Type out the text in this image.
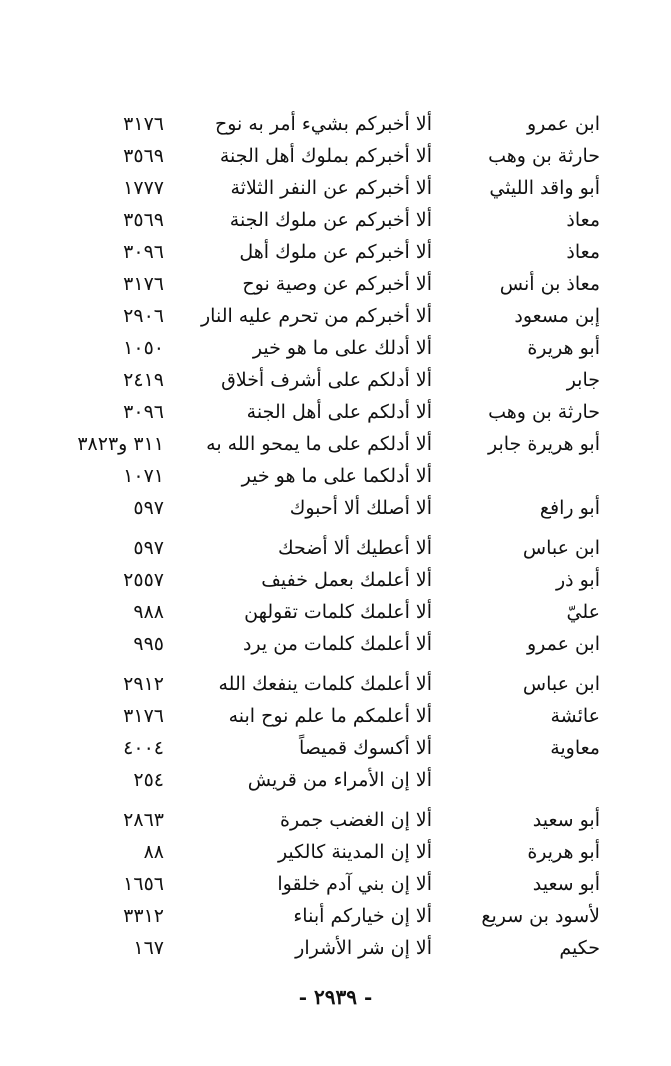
ابن عمرو
ألا أخبركم بشيء أمر به نوح
٣١٧٦
حارثة بن وهب
ألا أخبركم بملوك أهل الجنة
٣٥٦٩
أبو واقد الليثي
ألا أخبركم عن النفر الثلاثة
١٧٧٧
معاذ
ألا أخبركم عن ملوك الجنة
٣٥٦٩
معاذ
ألا أخبركم عن ملوك أهل
٣٠٩٦
معاذ بن أنس
ألا أخبركم عن وصية نوح
٣١٧٦
إبن مسعود
ألا أخبركم من تحرم عليه النار
٢٩٠٦
أبو هريرة
ألا أدلك على ما هو خير
١٠٥٠
جابر
ألا أدلكم على أشرف أخلاق
٢٤١٩
حارثة بن وهب
ألا أدلكم على أهل الجنة
٣٠٩٦
أبو هريرة جابر
ألا أدلكم على ما يمحو الله به
٣١١ و٣٨٢٣
ألا أدلكما على ما هو خير
١٠٧١
أبو رافع
ألا أصلك ألا أحبوك
٥٩٧
ابن عباس
ألا أعطيك ألا أضحك
٥٩٧
أبو ذر
ألا أعلمك بعمل خفيف
٢٥٥٧
عليّ
ألا أعلمك كلمات تقولهن
٩٨٨
ابن عمرو
ألا أعلمك كلمات من يرد
٩٩٥
ابن عباس
ألا أعلمك كلمات ينفعك الله
٢٩١٢
عائشة
ألا أعلمكم ما علم نوح ابنه
٣١٧٦
معاوية
ألا أكسوك قميصاً
٤٠٠٤
ألا إن الأمراء من قريش
٢٥٤
أبو سعيد
ألا إن الغضب جمرة
٢٨٦٣
أبو هريرة
ألا إن المدينة كالكير
٨٨
أبو سعيد
ألا إن بني آدم خلقوا
١٦٥٦
لأسود بن سريع
ألا إن خياركم أبناء
٣٣١٢
حكيم
ألا إن شر الأشرار
١٦٧
- ٢٩٣٩ -
